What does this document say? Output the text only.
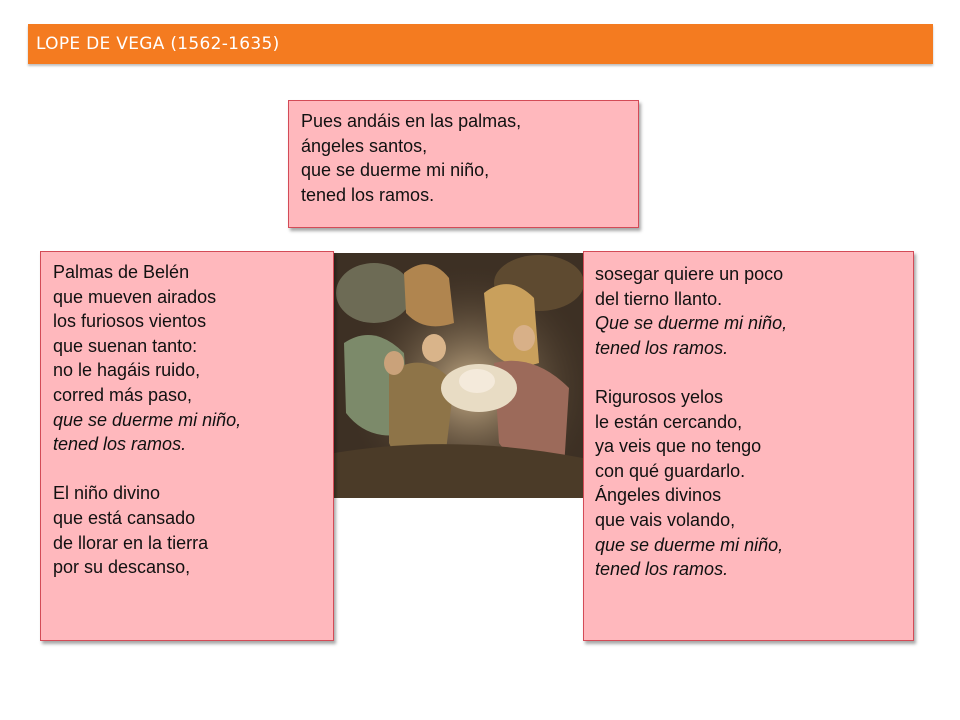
LOPE DE VEGA (1562-1635)
Pues andáis en las palmas,
ángeles santos,
que se duerme mi niño,
tened los ramos.
Palmas de Belén
que mueven airados
los furiosos vientos
que suenan tanto:
no le hagáis ruido,
corred más paso,
que se duerme mi niño,
tened los ramos.
El niño divino
que está cansado
de llorar en la tierra
por su descanso,
sosegar quiere un poco
del tierno llanto.
Que se duerme mi niño,
tened los ramos.
Rigurosos yelos
le están cercando,
ya veis que no tengo
con qué guardarlo.
Ángeles divinos
que vais volando,
que se duerme mi niño,
tened los ramos.
